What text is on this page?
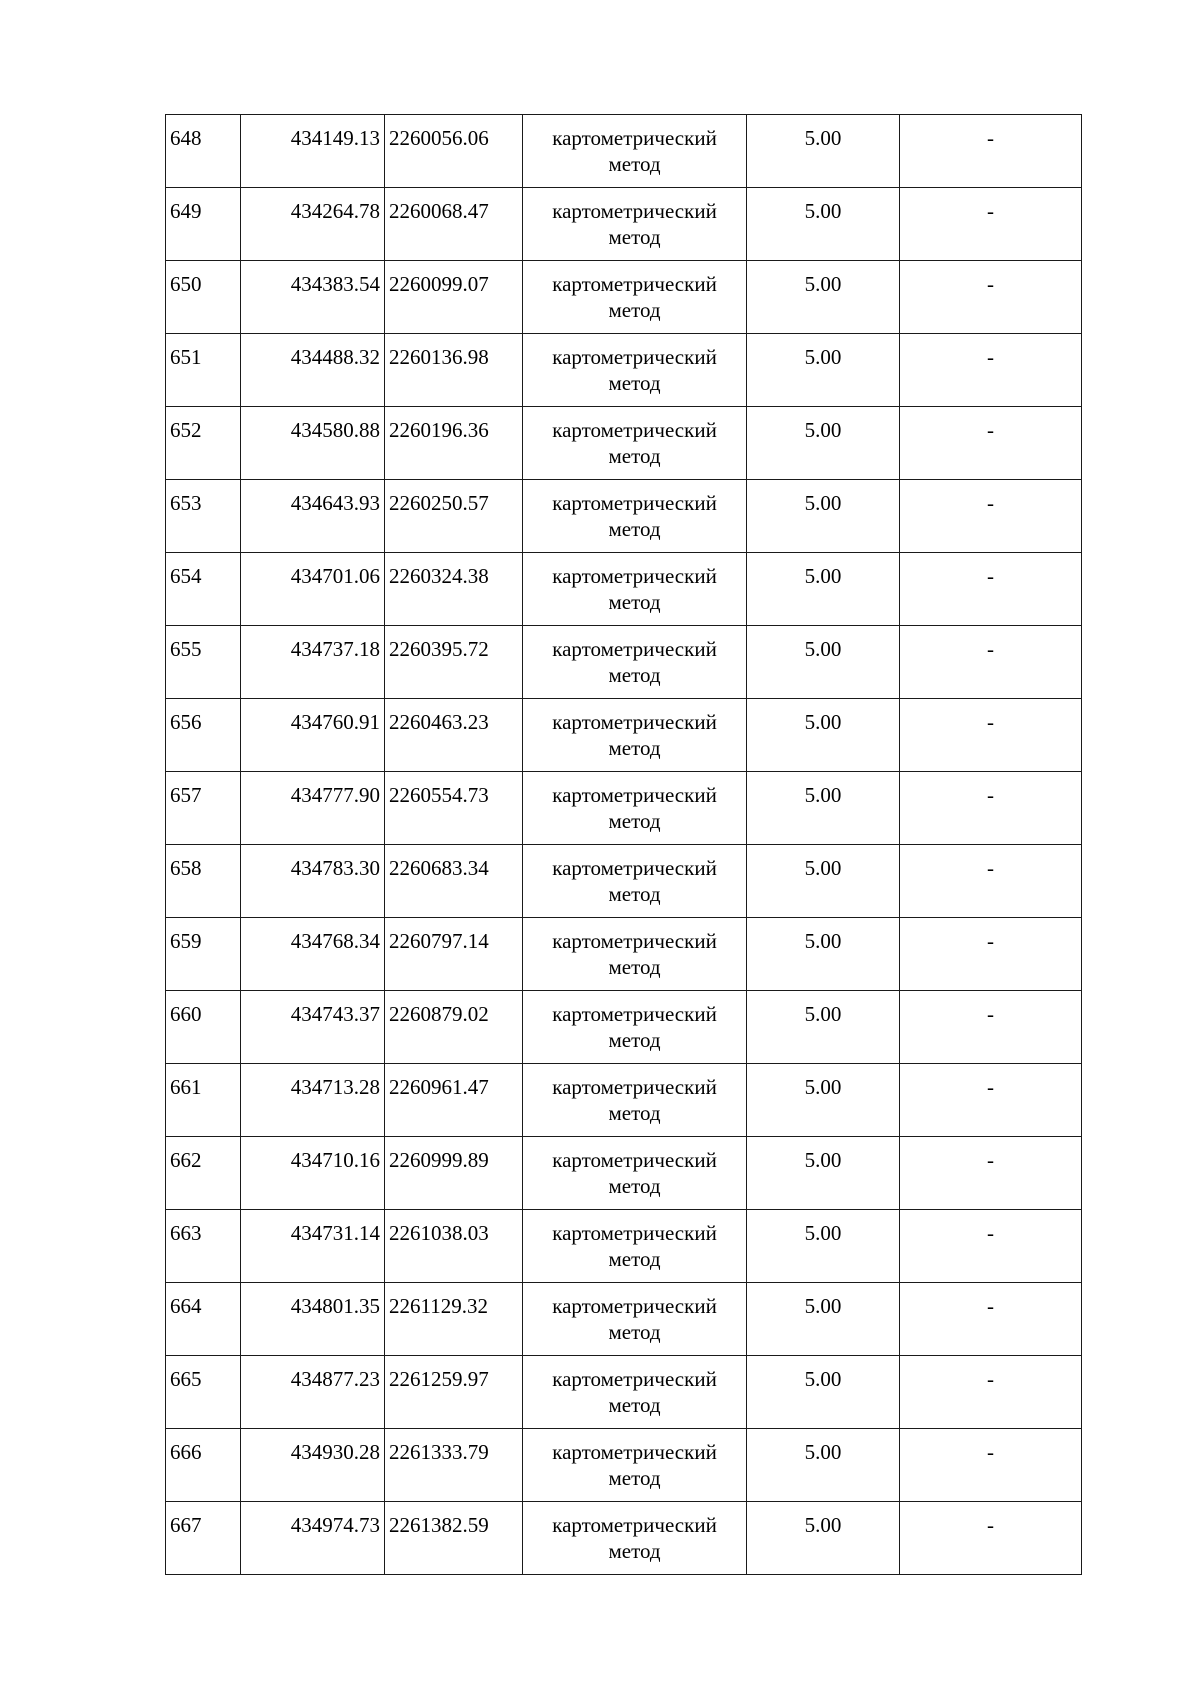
648	434149.13	2260056.06	картометрический метод	5.00	-
649	434264.78	2260068.47	картометрический метод	5.00	-
650	434383.54	2260099.07	картометрический метод	5.00	-
651	434488.32	2260136.98	картометрический метод	5.00	-
652	434580.88	2260196.36	картометрический метод	5.00	-
653	434643.93	2260250.57	картометрический метод	5.00	-
654	434701.06	2260324.38	картометрический метод	5.00	-
655	434737.18	2260395.72	картометрический метод	5.00	-
656	434760.91	2260463.23	картометрический метод	5.00	-
657	434777.90	2260554.73	картометрический метод	5.00	-
658	434783.30	2260683.34	картометрический метод	5.00	-
659	434768.34	2260797.14	картометрический метод	5.00	-
660	434743.37	2260879.02	картометрический метод	5.00	-
661	434713.28	2260961.47	картометрический метод	5.00	-
662	434710.16	2260999.89	картометрический метод	5.00	-
663	434731.14	2261038.03	картометрический метод	5.00	-
664	434801.35	2261129.32	картометрический метод	5.00	-
665	434877.23	2261259.97	картометрический метод	5.00	-
666	434930.28	2261333.79	картометрический метод	5.00	-
667	434974.73	2261382.59	картометрический метод	5.00	-
